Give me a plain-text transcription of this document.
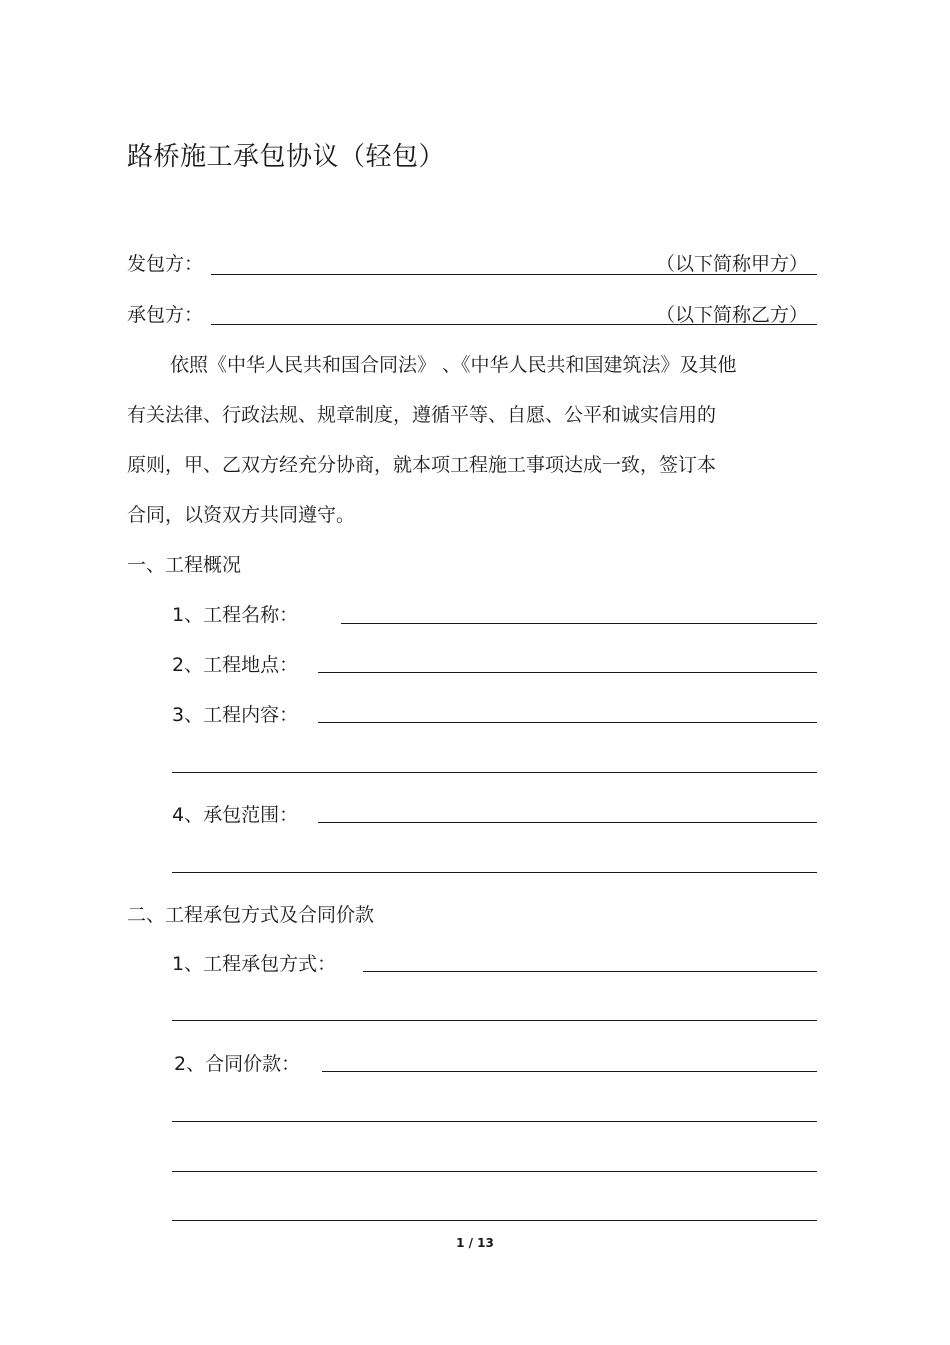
路桥施工承包协议（轻包）
发包方：	（以下简称甲方）
承包方：	（以下简称乙方）
依照《中华人民共和国合同法》 、《中华人民共和国建筑法》及其他
有关法律、行政法规、规章制度，遵循平等、自愿、公平和诚实信用的
原则，甲、乙双方经充分协商，就本项工程施工事项达成一致，签订本
合同，以资双方共同遵守。
一、工程概况
1、工程名称：
2、工程地点：
3、工程内容：
4、承包范围：
二、工程承包方式及合同价款
1、工程承包方式：
2、合同价款：
1 / 13
